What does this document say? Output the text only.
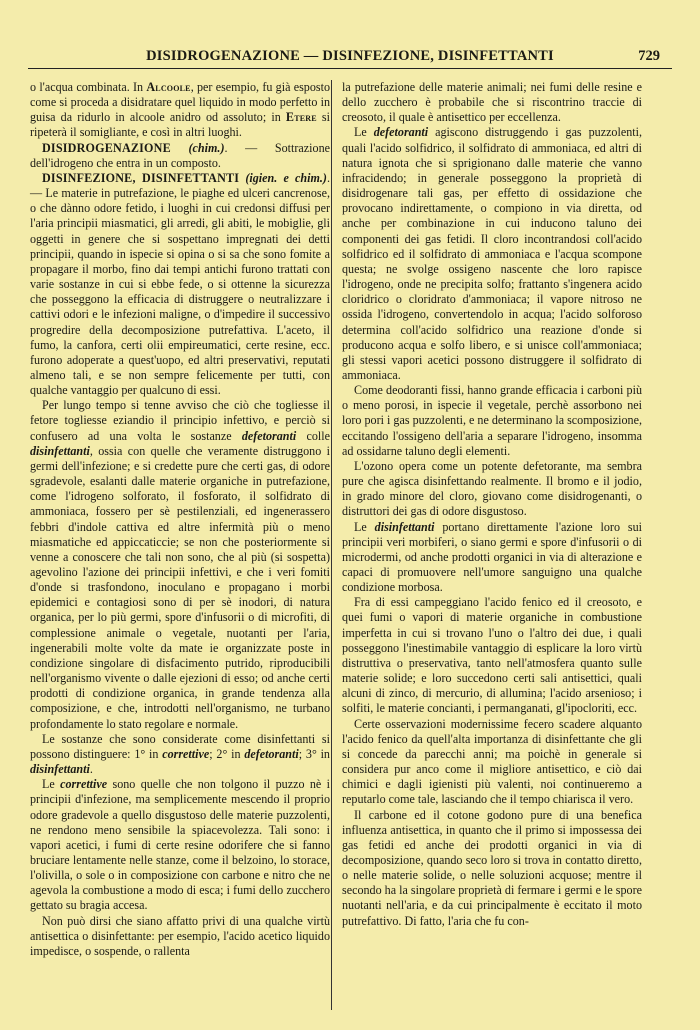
DISIDROGENAZIONE — DISINFEZIONE, DISINFETTANTI	729

o l'acqua combinata. In Alcoole, per esempio, fu già esposto come si proceda a disidratare quel liquido in modo perfetto in guisa da ridurlo in alcoole anidro od assoluto; in Etere si ripeterà il somigliante, e così in altri luoghi.

DISIDROGENAZIONE (chim.). — Sottrazione dell'idrogeno che entra in un composto.

DISINFEZIONE, DISINFETTANTI (igien. e chim.). — Le materie in putrefazione, le piaghe ed ulceri cancrenose, o che dànno odore fetido, i luoghi in cui credonsi diffusi per l'aria principii miasmatici, gli arredi, gli abiti, le mobiglie, gli oggetti in genere che si sospettano impregnati dei detti principii, quando in ispecie si opina o si sa che sono fomite a propagare il morbo, fino dai tempi antichi furono trattati con varie sostanze in cui si ebbe fede, o si ottenne la sicurezza che posseggono la efficacia di distruggere o neutralizzare i cattivi odori e le infezioni maligne, o d'impedire il successivo progredire della decomposizione putrefattiva. L'aceto, il fumo, la canfora, certi olii empireumatici, certe resine, ecc. furono adoperate a quest'uopo, ed altri preservativi, reputati almeno tali, e se non sempre felicemente per tutti, con qualche vantaggio per qualcuno di essi.

Per lungo tempo si tenne avviso che ciò che togliesse il fetore togliesse eziandio il principio infettivo, e perciò si confusero ad una volta le sostanze defetoranti colle disinfettanti, ossia con quelle che veramente distruggono i germi dell'infezione; e si credette pure che certi gas, di odore sgradevole, esalanti dalle materie organiche in putrefazione, come l'idrogeno solforato, il fosforato, il solfidrato di ammoniaca, fossero per sè pestilenziali, ed ingenerassero febbri d'indole cattiva ed altre infermità più o meno miasmatiche ed appiccaticcie; se non che posteriormente si venne a conoscere che tali non sono, che al più (si sospetta) agevolino l'azione dei principii infettivi, e che i veri fomiti d'onde si trasfondono, inoculano e propagano i morbi epidemici e contagiosi sono di per sè inodori, di natura organica, per lo più germi, spore d'infusorii o di microfiti, di complessione animale o vegetale, nuotanti per l'aria, ingenerabili molte volte da mate ie organizzate poste in condizione singolare di disfacimento putrido, riproducibili nell'organismo vivente o dalle ejezioni di esso; od anche certi prodotti di condizione organica, in grande tendenza alla composizione, e che, introdotti nell'organismo, ne turbano profondamente lo stato regolare e normale.

Le sostanze che sono considerate come disinfettanti si possono distinguere: 1° in correttive; 2° in defetoranti; 3° in disinfettanti.

Le correttive sono quelle che non tolgono il puzzo nè i principii d'infezione, ma semplicemente mescendo il proprio odore gradevole a quello disgustoso delle materie puzzolenti, ne rendono meno sensibile la spiacevolezza. Tali sono: i vapori acetici, i fumi di certe resine odorifere che si fanno bruciare lentamente nelle stanze, come il belzoino, lo storace, l'olivilla, o sole o in composizione con carbone e nitro che ne agevola la combustione a modo di esca; i fumi dello zucchero gettato su bragia accesa.

Non può dirsi che siano affatto privi di una qualche virtù antisettica o disinfettante: per esempio, l'acido acetico liquido impedisce, o sospende, o rallenta

la putrefazione delle materie animali; nei fumi delle resine e dello zucchero è probabile che si riscontrino traccie di creosoto, il quale è antisettico per eccellenza.

Le defetoranti agiscono distruggendo i gas puzzolenti, quali l'acido solfidrico, il solfidrato di ammoniaca, ed altri di natura ignota che si sprigionano dalle materie che vanno infracidendo; in generale posseggono la proprietà di disidrogenare tali gas, per effetto di ossidazione che provocano indirettamente, o compiono in via diretta, od anche per combinazione in cui inducono taluno dei componenti dei gas fetidi. Il cloro incontrandosi coll'acido solfidrico ed il solfidrato di ammoniaca e l'acqua scompone questa; ne svolge ossigeno nascente che loro rapisce l'idrogeno, onde ne precipita solfo; frattanto s'ingenera acido cloridrico o cloridrato d'ammoniaca; il vapore nitroso ne ossida l'idrogeno, convertendolo in acqua; l'acido solforoso determina coll'acido solfidrico una reazione d'onde si producono acqua e solfo libero, e si unisce coll'ammoniaca; gli stessi vapori acetici possono distruggere il solfidrato di ammoniaca.

Come deodoranti fissi, hanno grande efficacia i carboni più o meno porosi, in ispecie il vegetale, perchè assorbono nei loro pori i gas puzzolenti, e ne determinano la scomposizione, eccitando l'ossigeno dell'aria a separare l'idrogeno, insomma ad ossidarne taluno degli elementi.

L'ozono opera come un potente defetorante, ma sembra pure che agisca disinfettando realmente. Il bromo e il jodio, in grado minore del cloro, giovano come disidrogenanti, o distruttori dei gas di odore disgustoso.

Le disinfettanti portano direttamente l'azione loro sui principii veri morbiferi, o siano germi e spore d'infusorii o di microdermi, od anche prodotti organici in via di alterazione e capaci di promuovere nell'umore sanguigno una qualche condizione morbosa.

Fra di essi campeggiano l'acido fenico ed il creosoto, e quei fumi o vapori di materie organiche in combustione imperfetta in cui si trovano l'uno o l'altro dei due, i quali posseggono l'inestimabile vantaggio di esplicare la loro virtù distruttiva o preservativa, tanto nell'atmosfera quanto sulle materie solide; e loro succedono certi sali antisettici, quali alcuni di zinco, di mercurio, di allumina; l'acido arsenioso; i solfiti, le materie concianti, i permanganati, gl'ipocloriti, ecc.

Certe osservazioni modernissime fecero scadere alquanto l'acido fenico da quell'alta importanza di disinfettante che gli si concede da parecchi anni; ma poichè in generale si considera pur anco come il migliore antisettico, e ciò dai chimici e dagli igienisti più valenti, noi continueremo a reputarlo come tale, lasciando che il tempo chiarisca il vero.

Il carbone ed il cotone godono pure di una benefica influenza antisettica, in quanto che il primo si impossessa dei gas fetidi ed anche dei prodotti organici in via di decomposizione, quando seco loro si trova in contatto diretto, o nelle materie solide, o nelle soluzioni acquose; mentre il secondo ha la singolare proprietà di fermare i germi e le spore nuotanti nell'aria, e da cui principalmente è eccitato il moto putrefattivo. Di fatto, l'aria che fu con-
